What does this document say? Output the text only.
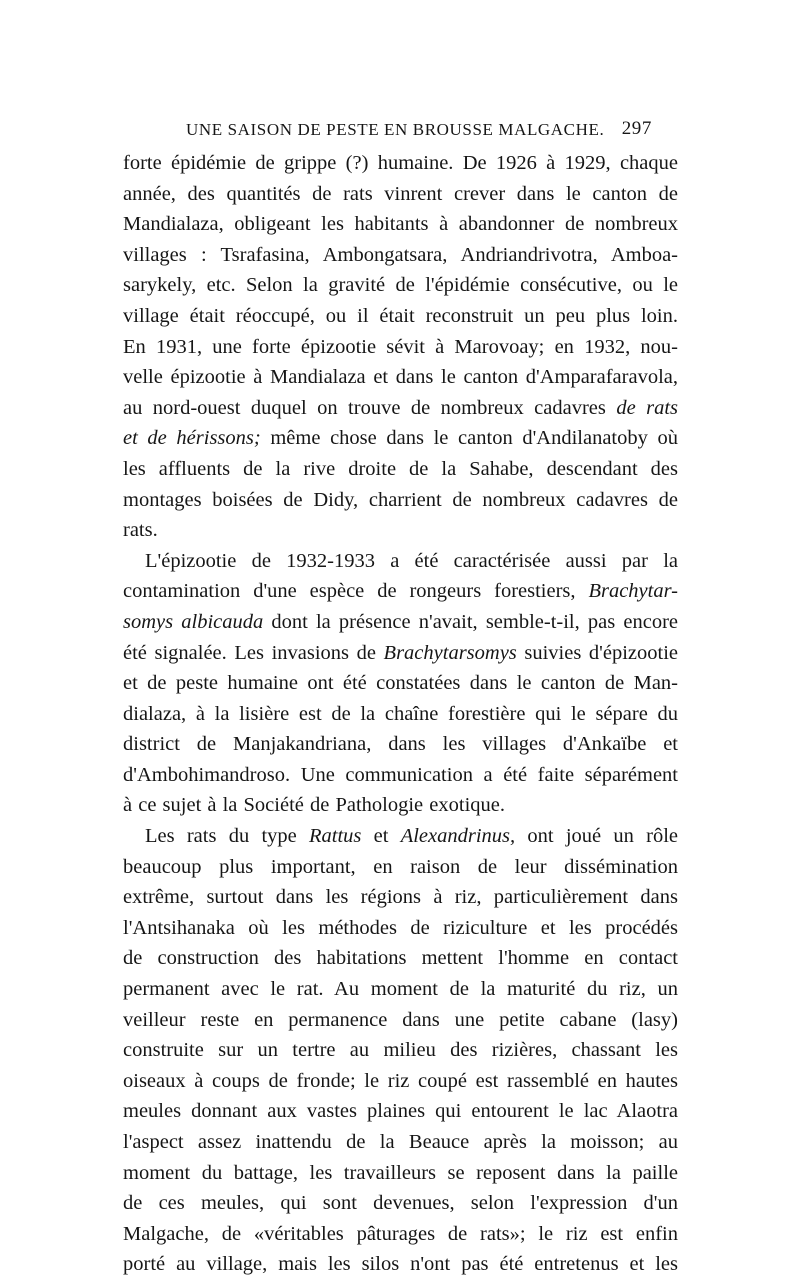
UNE SAISON DE PESTE EN BROUSSE MALGACHE. 297
forte épidémie de grippe (?) humaine. De 1926 à 1929, chaque
année, des quantités de rats vinrent crever dans le canton de
Mandialaza, obligeant les habitants à abandonner de nombreux
villages : Tsrafasina, Ambongatsara, Andriandrivotra, Amboa-
sarykely, etc. Selon la gravité de l'épidémie consécutive, ou le
village était réoccupé, ou il était reconstruit un peu plus loin.
En 1931, une forte épizootie sévit à Marovoay; en 1932, nou-
velle épizootie à Mandialaza et dans le canton d'Amparafaravola,
au nord-ouest duquel on trouve de nombreux cadavres de rats
et de hérissons; même chose dans le canton d'Andilanatoby où
les affluents de la rive droite de la Sahabe, descendant des
montages boisées de Didy, charrient de nombreux cadavres de
rats.
L'épizootie de 1932-1933 a été caractérisée aussi par la
contamination d'une espèce de rongeurs forestiers, Brachytar-
somys albicauda dont la présence n'avait, semble-t-il, pas encore
été signalée. Les invasions de Brachytarsomys suivies d'épizootie
et de peste humaine ont été constatées dans le canton de Man-
dialaza, à la lisière est de la chaîne forestière qui le sépare du
district de Manjakandriana, dans les villages d'Ankaïbe et
d'Ambohimandroso. Une communication a été faite séparément
à ce sujet à la Société de Pathologie exotique.
Les rats du type Rattus et Alexandrinus, ont joué un rôle
beaucoup plus important, en raison de leur dissémination
extrême, surtout dans les régions à riz, particulièrement dans
l'Antsihanaka où les méthodes de riziculture et les procédés
de construction des habitations mettent l'homme en contact
permanent avec le rat. Au moment de la maturité du riz, un
veilleur reste en permanence dans une petite cabane (lasy)
construite sur un tertre au milieu des rizières, chassant les
oiseaux à coups de fronde; le riz coupé est rassemblé en hautes
meules donnant aux vastes plaines qui entourent le lac Alaotra
l'aspect assez inattendu de la Beauce après la moisson; au
moment du battage, les travailleurs se reposent dans la paille
de ces meules, qui sont devenues, selon l'expression d'un
Malgache, de «véritables pâturages de rats»; le riz est enfin
porté au village, mais les silos n'ont pas été entretenus et les
